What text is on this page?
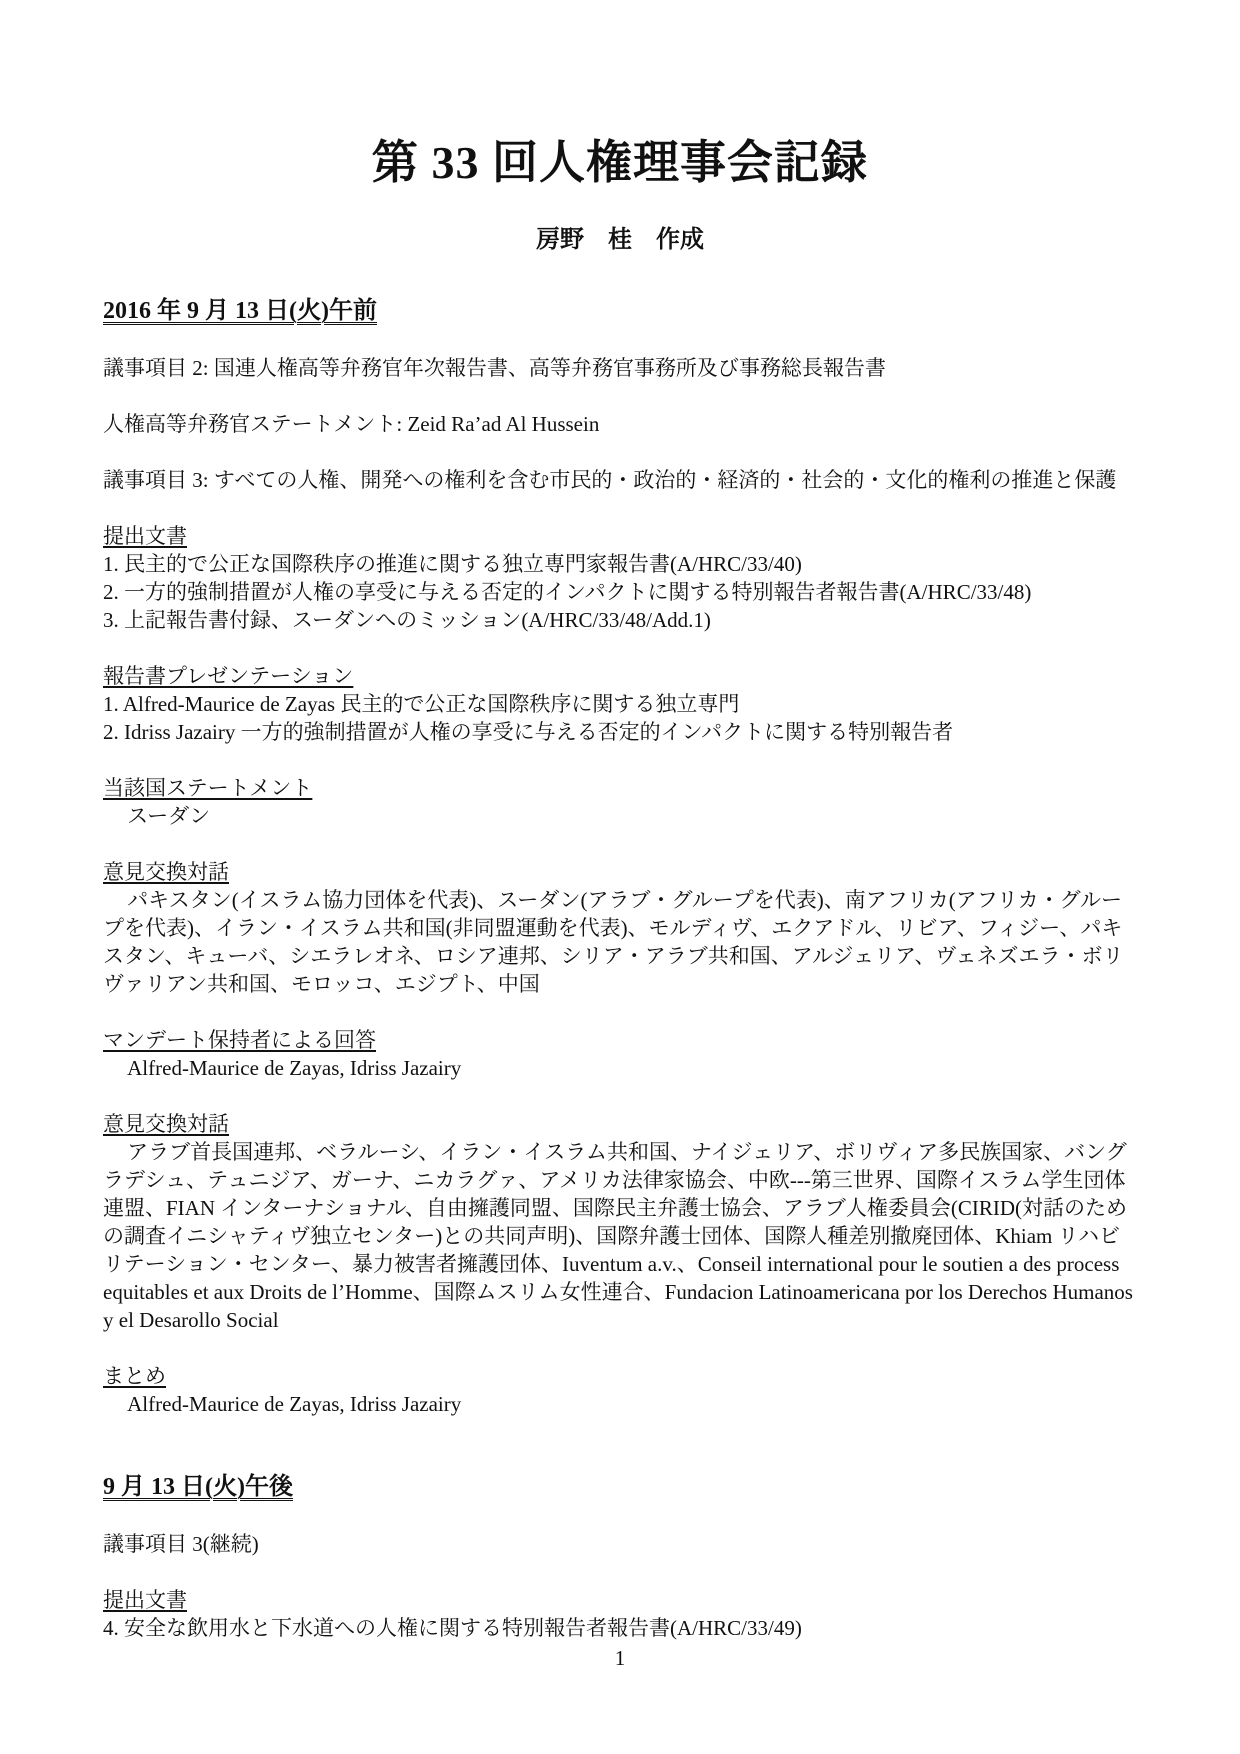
第 33 回人権理事会記録

房野　桂　作成

2016 年 9 月 13 日(火)午前

議事項目 2: 国連人権高等弁務官年次報告書、高等弁務官事務所及び事務総長報告書

人権高等弁務官ステートメント: Zeid Ra’ad Al Hussein

議事項目 3: すべての人権、開発への権利を含む市民的・政治的・経済的・社会的・文化的権利の推進と保護

提出文書

1. 民主的で公正な国際秩序の推進に関する独立専門家報告書(A/HRC/33/40)

2. 一方的強制措置が人権の享受に与える否定的インパクトに関する特別報告者報告書(A/HRC/33/48)

3. 上記報告書付録、スーダンへのミッション(A/HRC/33/48/Add.1)

報告書プレゼンテーション

1. Alfred-Maurice de Zayas 民主的で公正な国際秩序に関する独立専門

2. Idriss Jazairy 一方的強制措置が人権の享受に与える否定的インパクトに関する特別報告者

当該国ステートメント

スーダン

意見交換対話

パキスタン(イスラム協力団体を代表)、スーダン(アラブ・グループを代表)、南アフリカ(アフリカ・グループを代表)、イラン・イスラム共和国(非同盟運動を代表)、モルディヴ、エクアドル、リビア、フィジー、パキスタン、キューバ、シエラレオネ、ロシア連邦、シリア・アラブ共和国、アルジェリア、ヴェネズエラ・ボリヴァリアン共和国、モロッコ、エジプト、中国

マンデート保持者による回答

Alfred-Maurice de Zayas, Idriss Jazairy

意見交換対話

アラブ首長国連邦、ベラルーシ、イラン・イスラム共和国、ナイジェリア、ボリヴィア多民族国家、バングラデシュ、テュニジア、ガーナ、ニカラグァ、アメリカ法律家協会、中欧---第三世界、国際イスラム学生団体連盟、FIAN インターナショナル、自由擁護同盟、国際民主弁護士協会、アラブ人権委員会(CIRID(対話のための調査イニシャティヴ独立センター)との共同声明)、国際弁護士団体、国際人種差別撤廃団体、Khiam リハビリテーション・センター、暴力被害者擁護団体、Iuventum a.v.、Conseil international pour le soutien a des process equitables et aux Droits de l’Homme、国際ムスリム女性連合、Fundacion Latinoamericana por los Derechos Humanos y el Desarollo Social

まとめ

Alfred-Maurice de Zayas, Idriss Jazairy

9 月 13 日(火)午後

議事項目 3(継続)

提出文書

4. 安全な飲用水と下水道への人権に関する特別報告者報告書(A/HRC/33/49)

1
